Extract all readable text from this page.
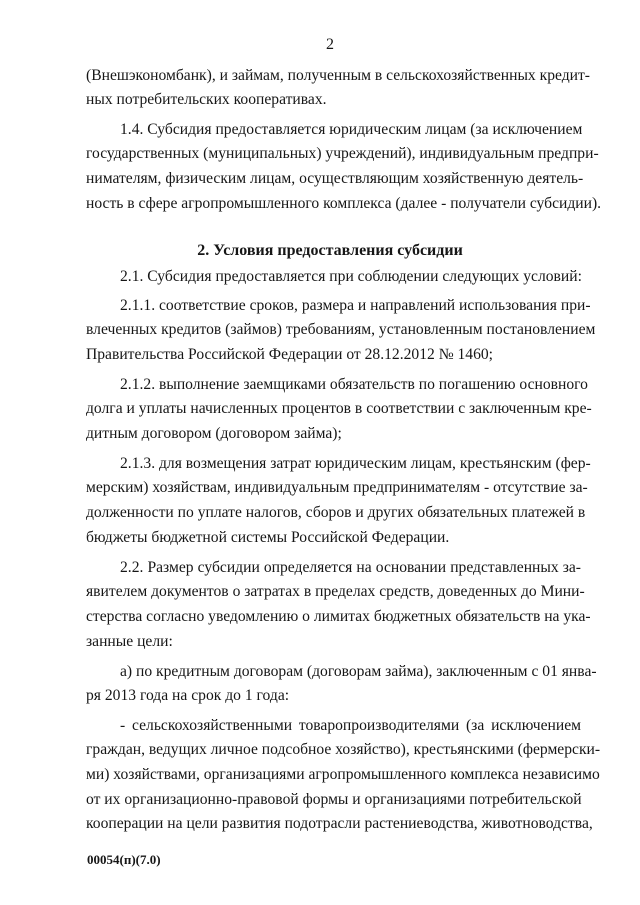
2
(Внешэкономбанк), и займам, полученным в сельскохозяйственных кредит-
ных потребительских кооперативах.
1.4. Субсидия предоставляется юридическим лицам (за исключением
государственных (муниципальных) учреждений), индивидуальным предпри-
нимателям, физическим лицам, осуществляющим хозяйственную деятель-
ность в сфере агропромышленного комплекса (далее - получатели субсидии).
2. Условия предоставления субсидии
2.1. Субсидия предоставляется при соблюдении следующих условий:
2.1.1. соответствие сроков, размера и направлений использования при-
влеченных кредитов (займов) требованиям, установленным постановлением
Правительства Российской Федерации от 28.12.2012 № 1460;
2.1.2. выполнение заемщиками обязательств по погашению основного
долга и уплаты начисленных процентов в соответствии с заключенным кре-
дитным договором (договором займа);
2.1.3. для возмещения затрат юридическим лицам, крестьянским (фер-
мерским) хозяйствам, индивидуальным предпринимателям - отсутствие за-
долженности по уплате налогов, сборов и других обязательных платежей в
бюджеты бюджетной системы Российской Федерации.
2.2. Размер субсидии определяется на основании представленных за-
явителем документов о затратах в пределах средств, доведенных до Мини-
стерства согласно уведомлению о лимитах бюджетных обязательств на ука-
занные цели:
а) по кредитным договорам (договорам займа), заключенным с 01 янва-
ря 2013 года на срок до 1 года:
- сельскохозяйственными товаропроизводителями (за исключением
граждан, ведущих личное подсобное хозяйство), крестьянскими (фермерски-
ми) хозяйствами, организациями агропромышленного комплекса независимо
от их организационно-правовой формы и организациями потребительской
кооперации на цели развития подотрасли растениеводства, животноводства,
00054(п)(7.0)
